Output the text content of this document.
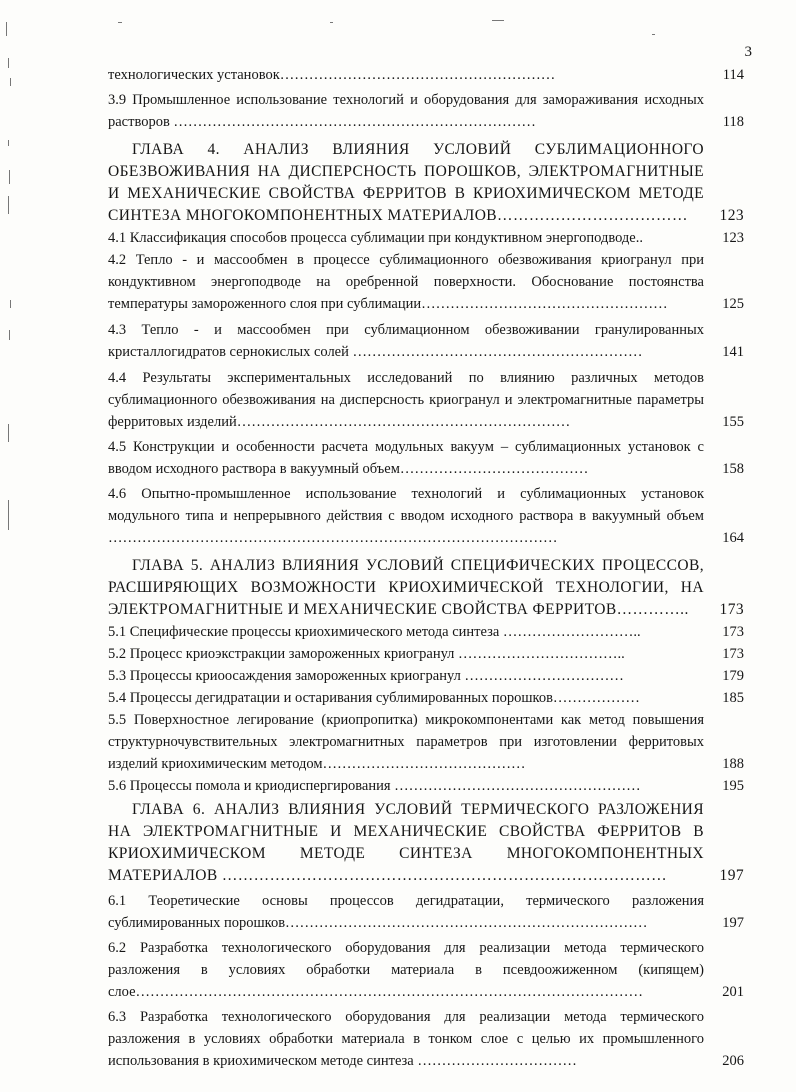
3
технологических установок…………………………………………………	114
3.9 Промышленное использование технологий и оборудования для замораживания исходных растворов …………………………………………………………………	118
ГЛАВА 4. АНАЛИЗ ВЛИЯНИЯ УСЛОВИЙ СУБЛИМАЦИОННОГО ОБЕЗВОЖИВАНИЯ НА ДИСПЕРСНОСТЬ ПОРОШКОВ, ЭЛЕКТРОМАГНИТНЫЕ И МЕХАНИЧЕСКИЕ СВОЙСТВА ФЕРРИТОВ В КРИОХИМИЧЕСКОМ МЕТОДЕ СИНТЕЗА МНОГОКОМПОНЕНТНЫХ МАТЕРИАЛОВ………………………………	123
4.1 Классификация способов процесса сублимации при кондуктивном энергоподводе..	123
4.2 Тепло - и массообмен в процессе сублимационного обезвоживания криогранул при кондуктивном энергоподводе на оребренной поверхности. Обоснование постоянства температуры замороженного слоя при сублимации……………………………………………	125
4.3 Тепло - и массообмен при сублимационном обезвоживании гранулированных кристаллогидратов сернокислых солей ……………………………………………………	141
4.4 Результаты экспериментальных исследований по влиянию различных методов сублимационного обезвоживания на дисперсность криогранул и электромагнитные параметры ферритовых изделий……………………………………………………………	155
4.5 Конструкции и особенности расчета модульных вакуум – сублимационных установок с вводом исходного раствора в вакуумный объем…………………………………	158
4.6 Опытно-промышленное использование технологий и сублимационных установок модульного типа и непрерывного действия с вводом исходного раствора в вакуумный объем …………………………………………………………………………………	164
ГЛАВА 5. АНАЛИЗ ВЛИЯНИЯ УСЛОВИЙ СПЕЦИФИЧЕСКИХ ПРОЦЕССОВ, РАСШИРЯЮЩИХ ВОЗМОЖНОСТИ КРИОХИМИЧЕСКОЙ ТЕХНОЛОГИИ, НА ЭЛЕКТРОМАГНИТНЫЕ И МЕХАНИЧЕСКИЕ СВОЙСТВА ФЕРРИТОВ…………..	173
5.1 Специфические процессы криохимического метода синтеза ………………………..	173
5.2 Процесс криоэкстракции замороженных криогранул ……………………………..	173
5.3 Процессы криоосаждения замороженных криогранул ……………………………	179
5.4 Процессы дегидратации и остаривания сублимированных порошков………………	185
5.5 Поверхностное легирование (криопропитка) микрокомпонентами как метод повышения структурночувствительных электромагнитных параметров при изготовлении ферритовых изделий криохимическим методом……………………………………	188
5.6 Процессы помола и криодиспергирования ……………………………………………	195
ГЛАВА 6. АНАЛИЗ ВЛИЯНИЯ УСЛОВИЙ ТЕРМИЧЕСКОГО РАЗЛОЖЕНИЯ НА ЭЛЕКТРОМАГНИТНЫЕ И МЕХАНИЧЕСКИЕ СВОЙСТВА ФЕРРИТОВ В КРИОХИМИЧЕСКОМ МЕТОДЕ СИНТЕЗА МНОГОКОМПОНЕНТНЫХ МАТЕРИАЛОВ …………………………………………………………………………	197
6.1 Теоретические основы процессов дегидратации, термического разложения сублимированных порошков…………………………………………………………………	197
6.2 Разработка технологического оборудования для реализации метода термического разложения в условиях обработки материала в псевдоожиженном (кипящем) слое……………………………………………………………………………………………	201
6.3 Разработка технологического оборудования для реализации метода термического разложения в условиях обработки материала в тонком слое с целью их промышленного использования в криохимическом методе синтеза ……………………………	206
